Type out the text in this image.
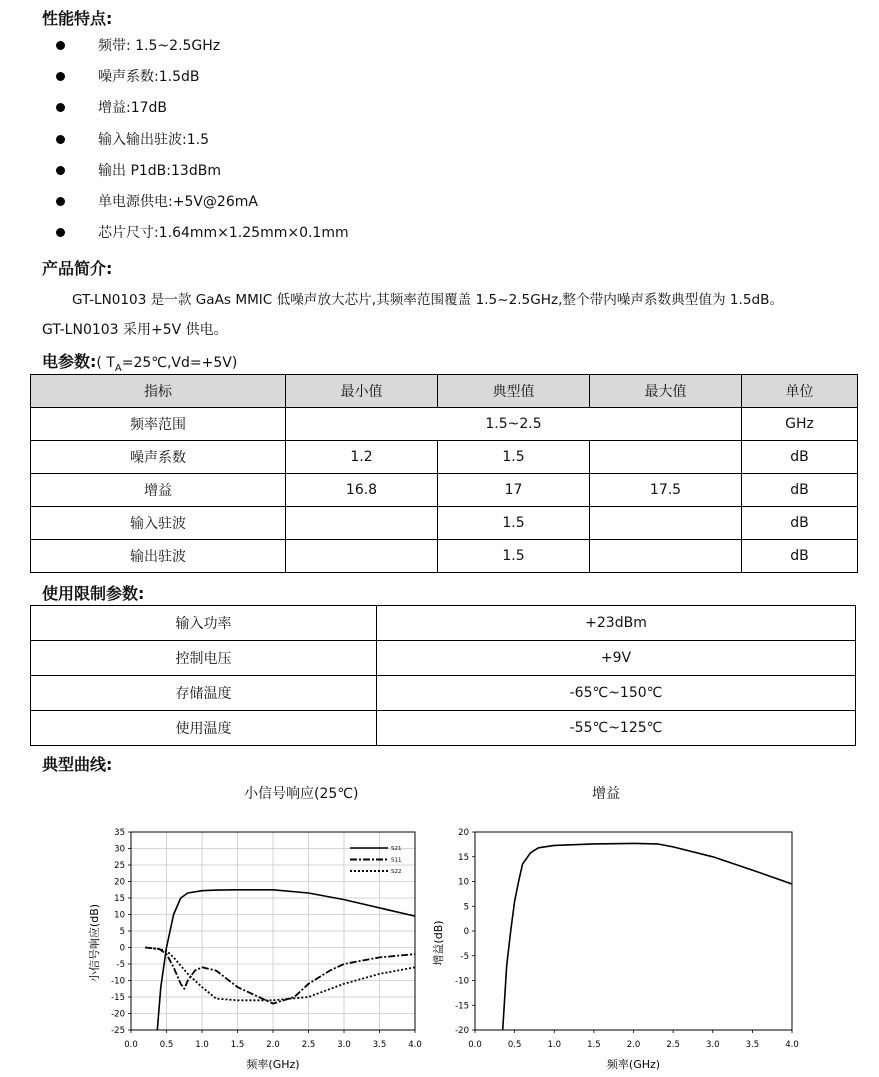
性能特点:
频带: 1.5~2.5GHz
噪声系数:1.5dB
增益:17dB
输入输出驻波:1.5
输出 P1dB:13dBm
单电源供电:+5V@26mA
芯片尺寸:1.64mm×1.25mm×0.1mm
产品简介:
GT-LN0103 是一款 GaAs MMIC 低噪声放大芯片,其频率范围覆盖 1.5~2.5GHz,整个带内噪声系数典型值为 1.5dB。
GT-LN0103 采用+5V 供电。
电参数:( $T_A=25℃,Vd=+5V$)
指标	最小值	典型值	最大值	单位
频率范围	1.5~2.5			GHz
噪声系数	1.2	1.5		dB
增益	16.8	17	17.5	dB
输入驻波		1.5		dB
输出驻波		1.5		dB
使用限制参数:
输入功率	+23dBm
控制电压	+9V
存储温度	-65℃~150℃
使用温度	-55℃~125℃
典型曲线:
小信号响应(25℃)	增益
0.0	0.5	1.0	1.5	2.0	2.5	3.0	3.5	4.0
35
30
25
20
15
10
5
0
-5
-10
-15
-20
-25
频率(GHz)
小信号响应(dB)
S21
S11
S22
0.0	0.5	1.0	1.5	2.0	2.5	3.0	3.5	4.0
20
15
10
5
0
-5
-10
-15
-20
频率(GHz)
增益(dB)
